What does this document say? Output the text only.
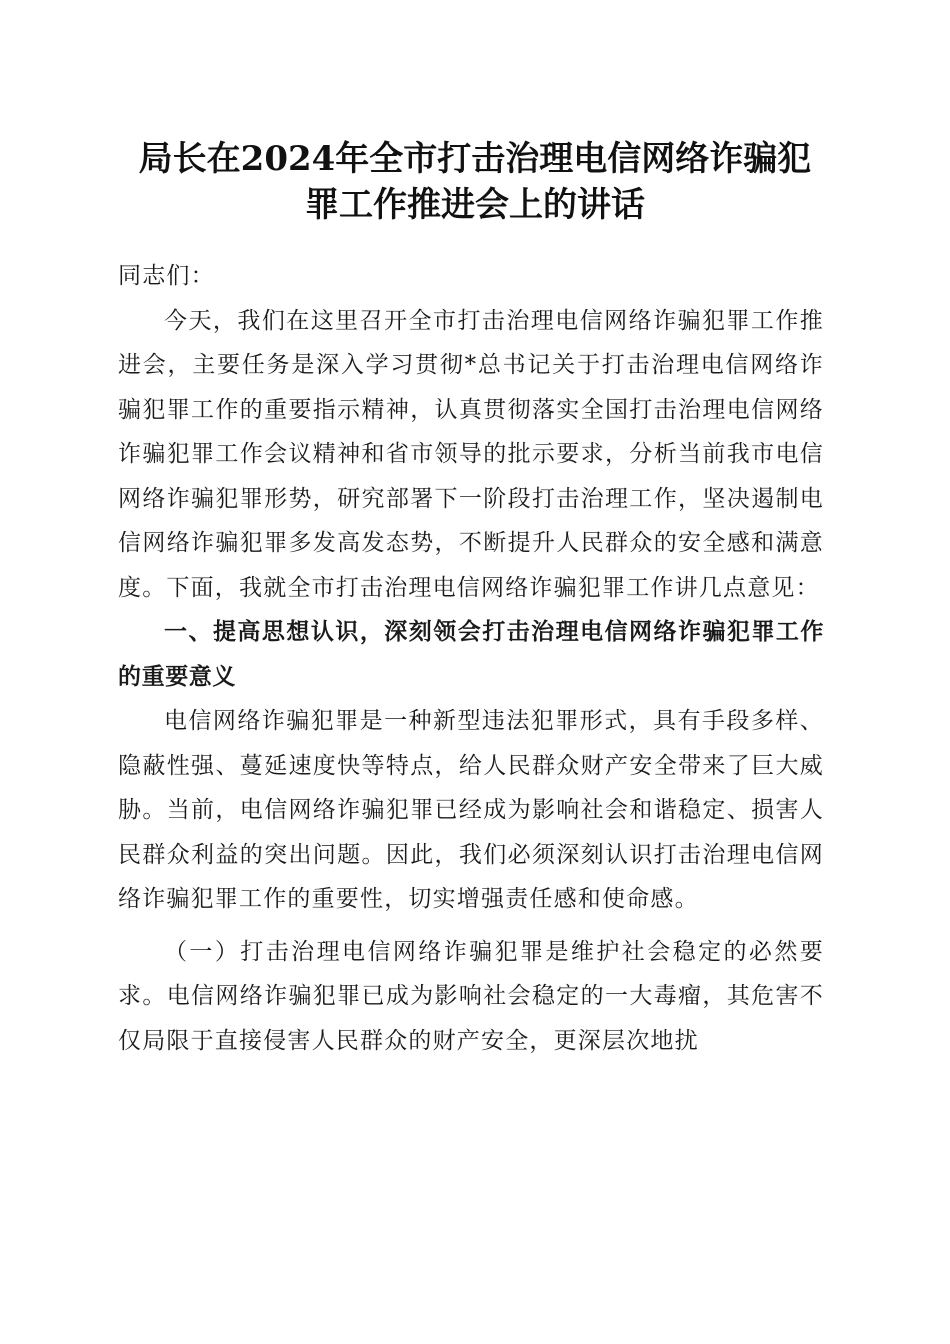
局长在2024年全市打击治理电信网络诈骗犯
罪工作推进会上的讲话

同志们：

今天，我们在这里召开全市打击治理电信网络诈骗犯罪工作推进会，主要任务是深入学习贯彻*总书记关于打击治理电信网络诈骗犯罪工作的重要指示精神，认真贯彻落实全国打击治理电信网络诈骗犯罪工作会议精神和省市领导的批示要求，分析当前我市电信网络诈骗犯罪形势，研究部署下一阶段打击治理工作，坚决遏制电信网络诈骗犯罪多发高发态势，不断提升人民群众的安全感和满意度。下面，我就全市打击治理电信网络诈骗犯罪工作讲几点意见：

一、提高思想认识，深刻领会打击治理电信网络诈骗犯罪工作的重要意义

电信网络诈骗犯罪是一种新型违法犯罪形式，具有手段多样、隐蔽性强、蔓延速度快等特点，给人民群众财产安全带来了巨大威胁。当前，电信网络诈骗犯罪已经成为影响社会和谐稳定、损害人民群众利益的突出问题。因此，我们必须深刻认识打击治理电信网络诈骗犯罪工作的重要性，切实增强责任感和使命感。

（一）打击治理电信网络诈骗犯罪是维护社会稳定的必然要求。电信网络诈骗犯罪已成为影响社会稳定的一大毒瘤，其危害不仅局限于直接侵害人民群众的财产安全，更深层次地扰
